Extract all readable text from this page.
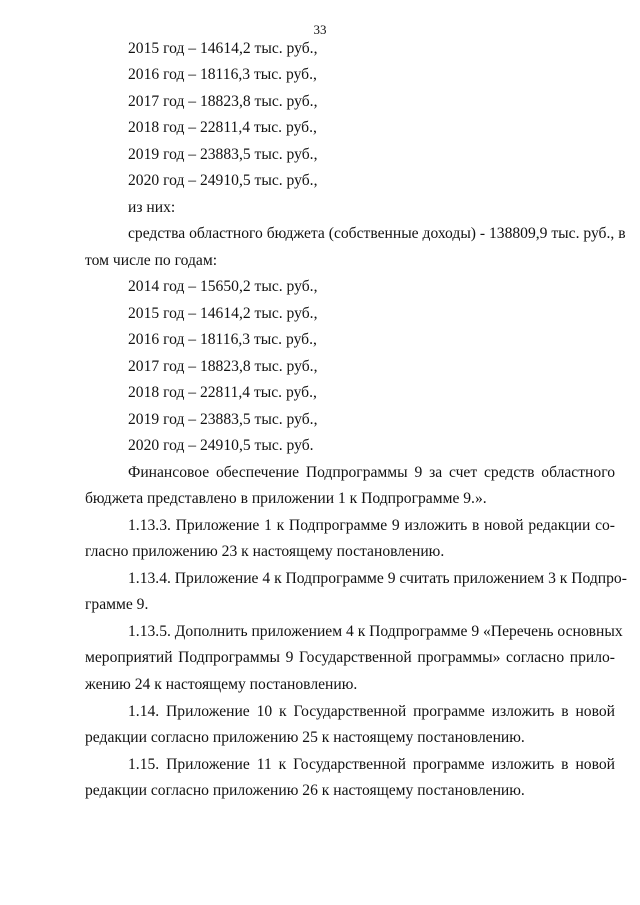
33
2015 год – 14614,2 тыс. руб.,
2016 год – 18116,3 тыс. руб.,
2017 год – 18823,8 тыс. руб.,
2018 год – 22811,4 тыс. руб.,
2019 год – 23883,5 тыс. руб.,
2020 год – 24910,5 тыс. руб.,
из них:
средства областного бюджета (собственные доходы) - 138809,9 тыс. руб., в
том числе по годам:
2014 год – 15650,2 тыс. руб.,
2015 год – 14614,2 тыс. руб.,
2016 год – 18116,3 тыс. руб.,
2017 год – 18823,8 тыс. руб.,
2018 год – 22811,4 тыс. руб.,
2019 год – 23883,5 тыс. руб.,
2020 год – 24910,5 тыс. руб.
Финансовое обеспечение Подпрограммы 9 за счет средств областного
бюджета представлено в приложении 1 к Подпрограмме 9.».
1.13.3. Приложение 1 к Подпрограмме 9 изложить в новой редакции со-
гласно приложению 23 к настоящему постановлению.
1.13.4. Приложение 4 к Подпрограмме 9 считать приложением 3 к Подпро-
грамме 9.
1.13.5. Дополнить приложением 4 к Подпрограмме 9 «Перечень основных
мероприятий Подпрограммы 9 Государственной программы» согласно прило-
жению 24 к настоящему постановлению.
1.14. Приложение 10 к Государственной программе изложить в новой
редакции согласно приложению 25 к настоящему постановлению.
1.15. Приложение 11 к Государственной программе изложить в новой
редакции согласно приложению 26 к настоящему постановлению.
